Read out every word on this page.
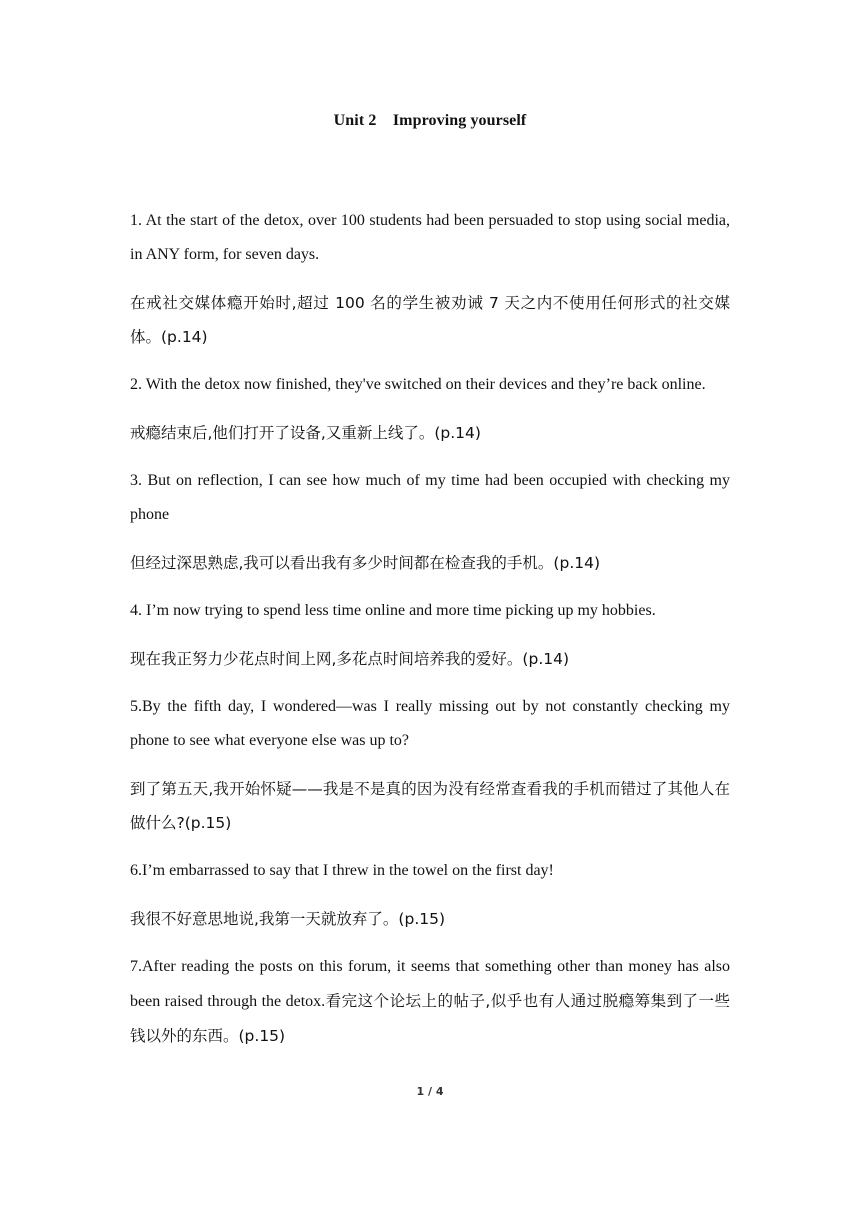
Unit 2    Improving yourself

1. At the start of the detox, over 100 students had been persuaded to stop using social media, in ANY form, for seven days.

在戒社交媒体瘾开始时,超过 100 名的学生被劝诫 7 天之内不使用任何形式的社交媒体。(p.14)

2. With the detox now finished, they've switched on their devices and they’re back online.

戒瘾结束后,他们打开了设备,又重新上线了。(p.14)

3. But on reflection, I can see how much of my time had been occupied with checking my phone

但经过深思熟虑,我可以看出我有多少时间都在检查我的手机。(p.14)

4. I’m now trying to spend less time online and more time picking up my hobbies.

现在我正努力少花点时间上网,多花点时间培养我的爱好。(p.14)

5.By the fifth day, I wondered—was I really missing out by not constantly checking my phone to see what everyone else was up to?

到了第五天,我开始怀疑——我是不是真的因为没有经常查看我的手机而错过了其他人在做什么?(p.15)

6.I’m embarrassed to say that I threw in the towel on the first day!

我很不好意思地说,我第一天就放弃了。(p.15)

7.After reading the posts on this forum, it seems that something other than money has also been raised through the detox.看完这个论坛上的帖子,似乎也有人通过脱瘾筹集到了一些钱以外的东西。(p.15)

1 / 4
